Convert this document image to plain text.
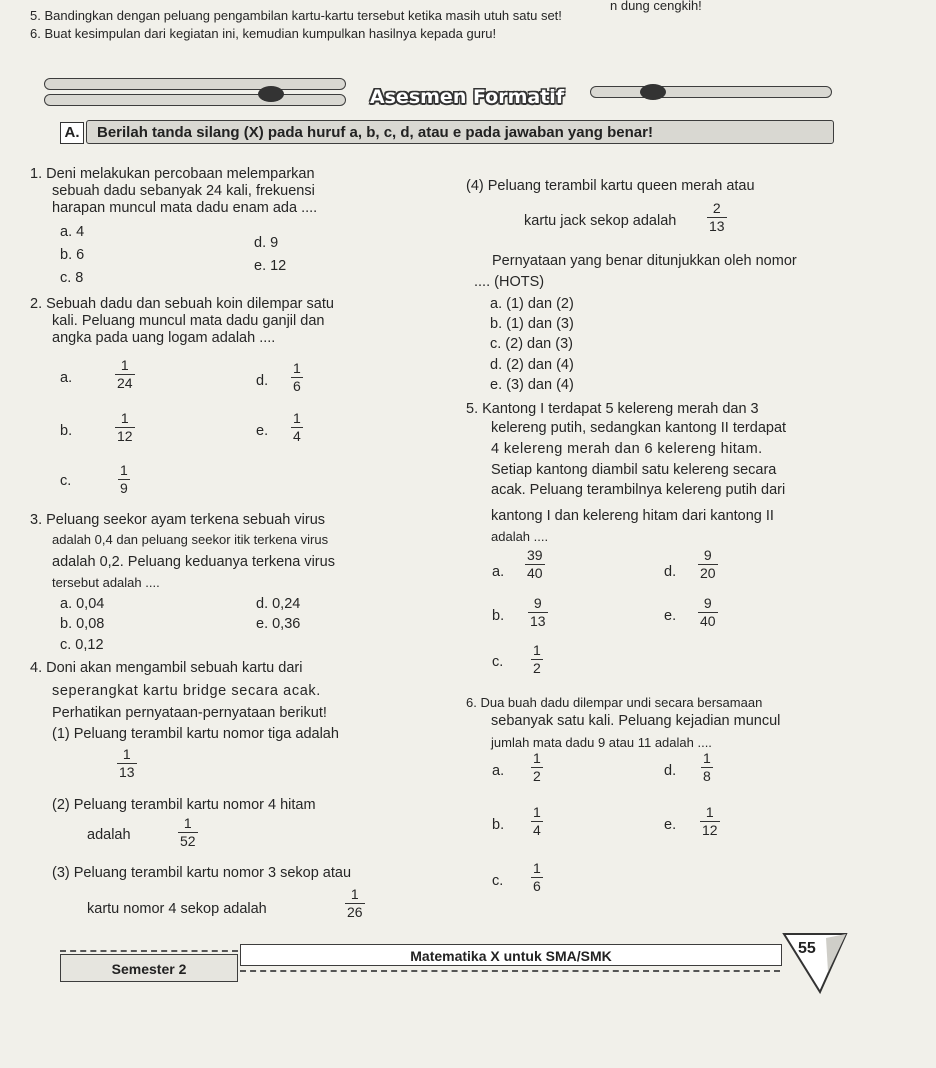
n dung cengkih!
5. Bandingkan dengan peluang pengambilan kartu-kartu tersebut ketika masih utuh satu set!
6. Buat kesimpulan dari kegiatan ini, kemudian kumpulkan hasilnya kepada guru!
Asesmen Formatif
A.	Berilah tanda silang (X) pada huruf a, b, c, d, atau e pada jawaban yang benar!
1. Deni melakukan percobaan melemparkan
sebuah dadu sebanyak 24 kali, frekuensi
harapan muncul mata dadu enam ada ....
a. 4
b. 6
c. 8
d. 9
e. 12
2. Sebuah dadu dan sebuah koin dilempar satu
kali. Peluang muncul mata dadu ganjil dan
angka pada uang logam adalah ....
a.	$\frac{1}{24}$
b.	$\frac{1}{12}$
c.	$\frac{1}{9}$
d. $\frac{1}{6}$
e. $\frac{1}{4}$
3. Peluang seekor ayam terkena sebuah virus
adalah 0,4 dan peluang seekor itik terkena virus
adalah 0,2. Peluang keduanya terkena virus
tersebut adalah ....
a. 0,04
b. 0,08
c. 0,12
d. 0,24
e. 0,36
4. Doni akan mengambil sebuah kartu dari
seperangkat kartu bridge secara acak.
Perhatikan pernyataan-pernyataan berikut!
(1) Peluang terambil kartu nomor tiga adalah
$\frac{1}{13}$
(2) Peluang terambil kartu nomor 4 hitam
adalah	$\frac{1}{52}$
(3) Peluang terambil kartu nomor 3 sekop atau
kartu nomor 4 sekop adalah	$\frac{1}{26}$
(4) Peluang terambil kartu queen merah atau
kartu jack sekop adalah $\frac{2}{13}$
Pernyataan yang benar ditunjukkan oleh nomor
.... (HOTS)
a. (1) dan (2)
b. (1) dan (3)
c. (2) dan (3)
d. (2) dan (4)
e. (3) dan (4)
5. Kantong I terdapat 5 kelereng merah dan 3
kelereng putih, sedangkan kantong II terdapat
4 kelereng merah dan 6 kelereng hitam.
Setiap kantong diambil satu kelereng secara
acak. Peluang terambilnya kelereng putih dari
kantong I dan kelereng hitam dari kantong II
adalah ....
a. $\frac{39}{40}$
b. $\frac{9}{13}$
c. $\frac{1}{2}$
d. $\frac{9}{20}$
e. $\frac{9}{40}$
6. Dua buah dadu dilempar undi secara bersamaan
sebanyak satu kali. Peluang kejadian muncul
jumlah mata dadu 9 atau 11 adalah ....
a. $\frac{1}{2}$
b. $\frac{1}{4}$
c. $\frac{1}{6}$
d. $\frac{1}{8}$
e. $\frac{1}{12}$
Matematika X untuk SMA/SMK
Semester 2
55
